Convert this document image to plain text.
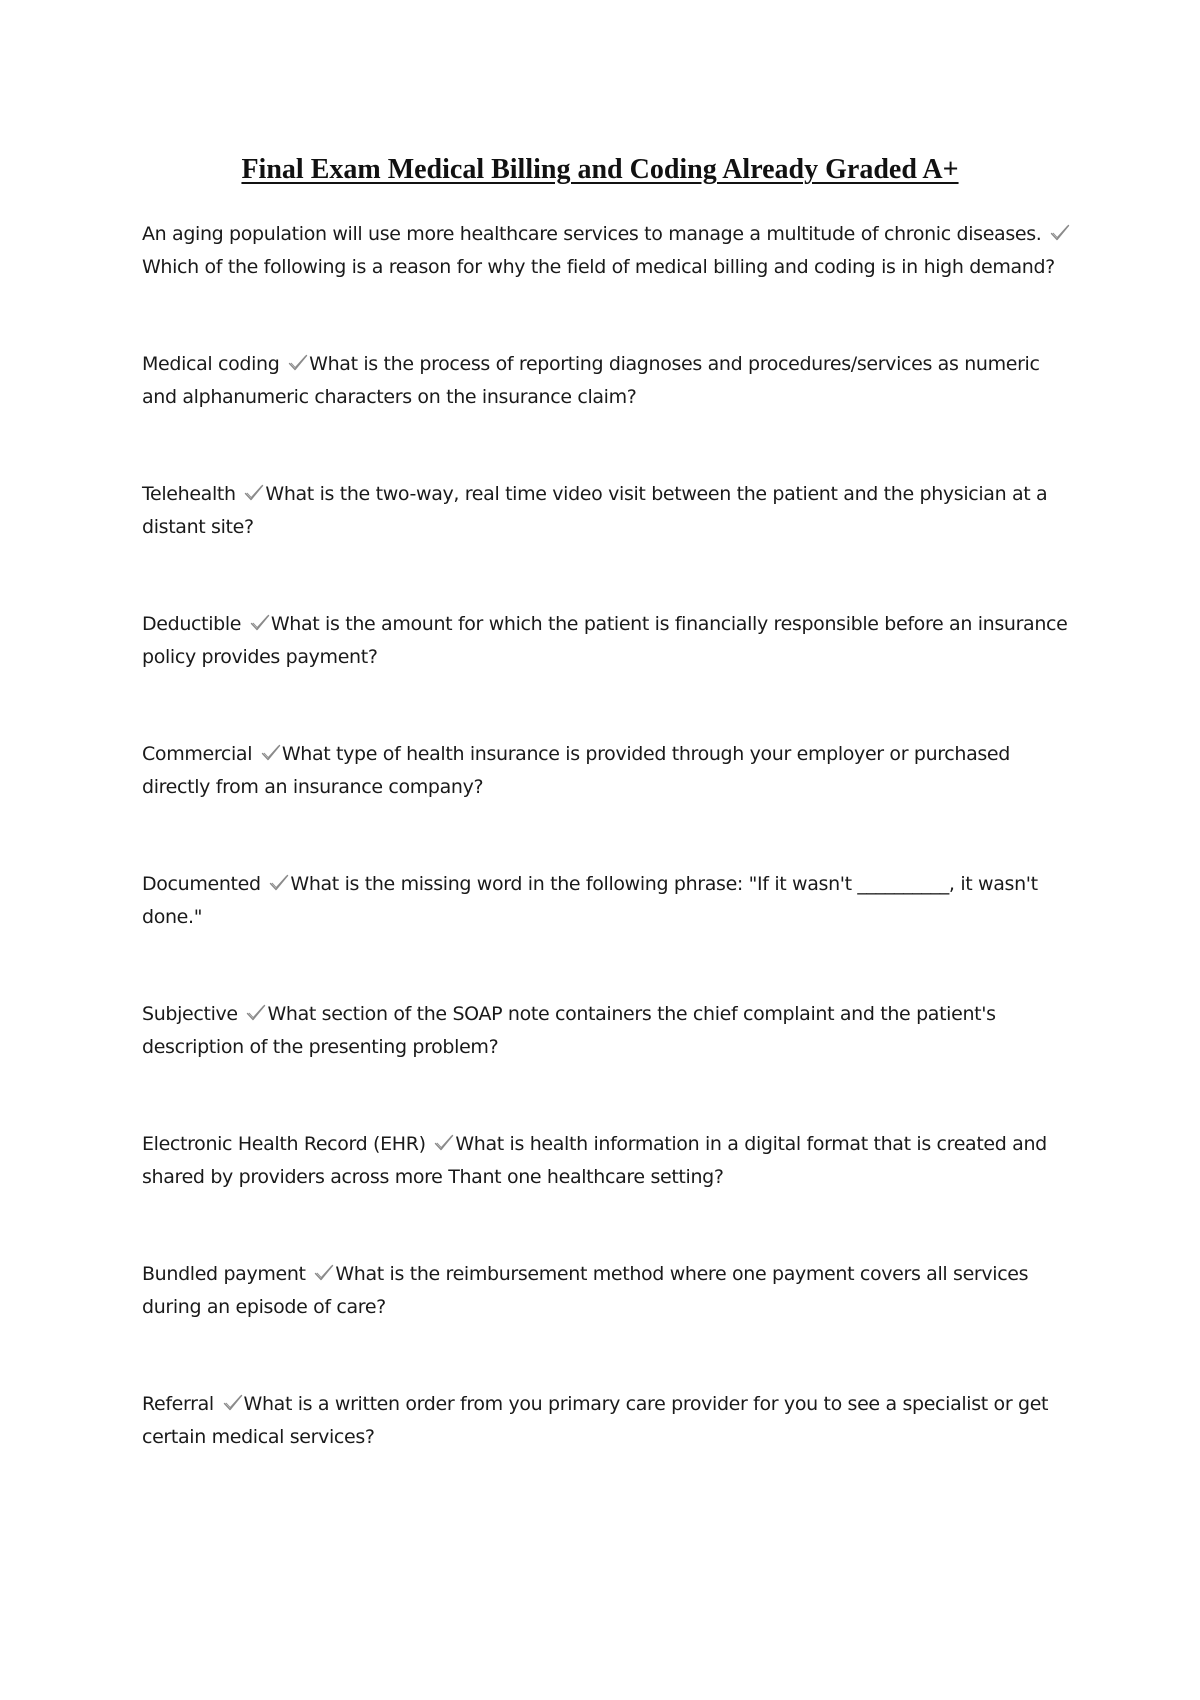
Final Exam Medical Billing and Coding Already Graded A+

An aging population will use more healthcare services to manage a multitude of chronic diseases.
Which of the following is a reason for why the field of medical billing and coding is in high demand?

Medical coding What is the process of reporting diagnoses and procedures/services as numeric and alphanumeric characters on the insurance claim?

Telehealth What is the two-way, real time video visit between the patient and the physician at a distant site?

Deductible What is the amount for which the patient is financially responsible before an insurance policy provides payment?

Commercial What type of health insurance is provided through your employer or purchased directly from an insurance company?

Documented What is the missing word in the following phrase: "If it wasn't __________, it wasn't done."

Subjective What section of the SOAP note containers the chief complaint and the patient's description of the presenting problem?

Electronic Health Record (EHR) What is health information in a digital format that is created and shared by providers across more Thant one healthcare setting?

Bundled payment What is the reimbursement method where one payment covers all services during an episode of care?

Referral What is a written order from you primary care provider for you to see a specialist or get certain medical services?
